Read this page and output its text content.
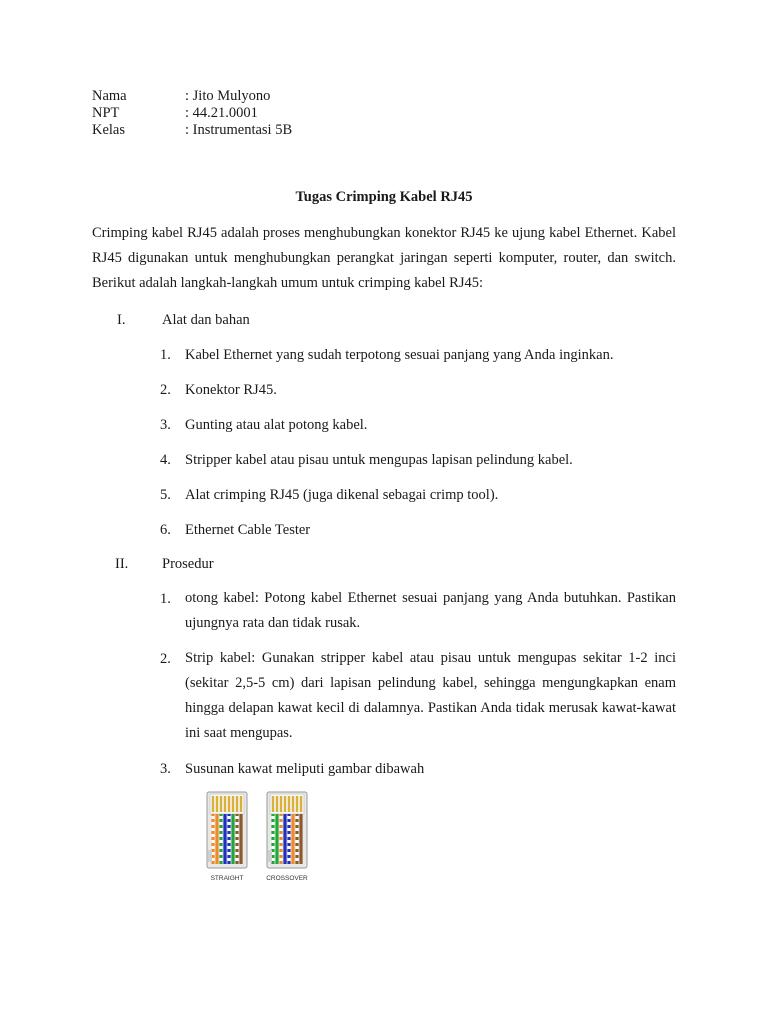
Nama	: Jito Mulyono
NPT	: 44.21.0001
Kelas	: Instrumentasi 5B
Tugas Crimping Kabel RJ45
Crimping kabel RJ45 adalah proses menghubungkan konektor RJ45 ke ujung kabel Ethernet. Kabel RJ45 digunakan untuk menghubungkan perangkat jaringan seperti komputer, router, dan switch. Berikut adalah langkah-langkah umum untuk crimping kabel RJ45:
I.	Alat dan bahan
1. Kabel Ethernet yang sudah terpotong sesuai panjang yang Anda inginkan.
2. Konektor RJ45.
3. Gunting atau alat potong kabel.
4. Stripper kabel atau pisau untuk mengupas lapisan pelindung kabel.
5. Alat crimping RJ45 (juga dikenal sebagai crimp tool).
6. Ethernet Cable Tester
II. Prosedur
1. otong kabel: Potong kabel Ethernet sesuai panjang yang Anda butuhkan. Pastikan ujungnya rata dan tidak rusak.
2. Strip kabel: Gunakan stripper kabel atau pisau untuk mengupas sekitar 1-2 inci (sekitar 2,5-5 cm) dari lapisan pelindung kabel, sehingga mengungkapkan enam hingga delapan kawat kecil di dalamnya. Pastikan Anda tidak merusak kawat-kawat ini saat mengupas.
3. Susunan kawat meliputi gambar dibawah
STRAIGHT	CROSSOVER
